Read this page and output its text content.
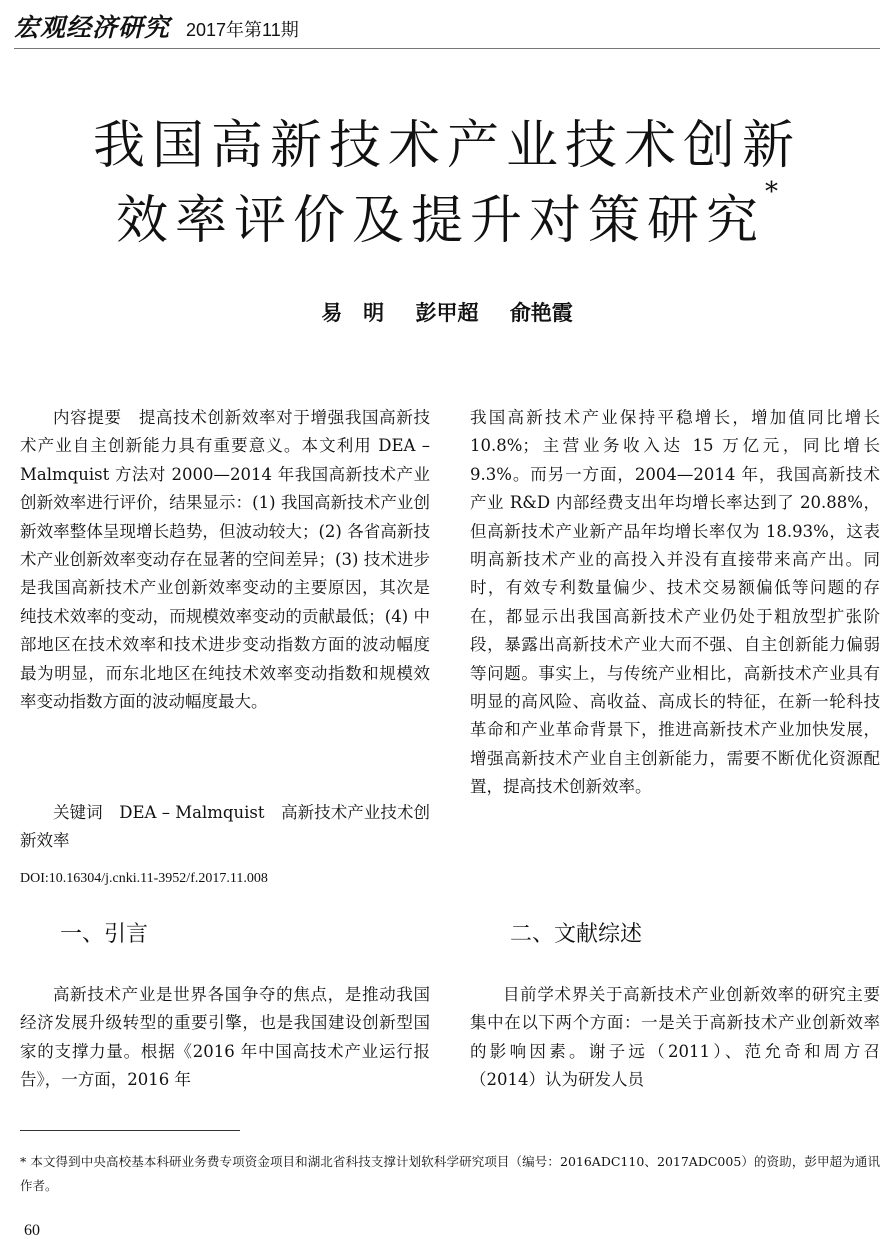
宏观经济研究 2017年第11期
我国高新技术产业技术创新
效率评价及提升对策研究*
易　明 彭甲超 俞艳霞

内容提要　提高技术创新效率对于增强我国高新技术产业自主创新能力具有重要意义。本文利用 DEA – Malmquist 方法对 2000—2014 年我国高新技术产业创新效率进行评价，结果显示：(1) 我国高新技术产业创新效率整体呈现增长趋势，但波动较大；(2) 各省高新技术产业创新效率变动存在显著的空间差异；(3) 技术进步是我国高新技术产业创新效率变动的主要原因，其次是纯技术效率的变动，而规模效率变动的贡献最低；(4) 中部地区在技术效率和技术进步变动指数方面的波动幅度最为明显，而东北地区在纯技术效率变动指数和规模效率变动指数方面的波动幅度最大。

关键词　DEA – Malmquist　高新技术产业技术创新效率

DOI:10.16304/j.cnki.11-3952/f.2017.11.008

我国高新技术产业保持平稳增长，增加值同比增长 10.8%；主营业务收入达 15 万亿元，同比增长 9.3%。而另一方面，2004—2014 年，我国高新技术产业 R&D 内部经费支出年均增长率达到了 20.88%，但高新技术产业新产品年均增长率仅为 18.93%，这表明高新技术产业的高投入并没有直接带来高产出。同时，有效专利数量偏少、技术交易额偏低等问题的存在，都显示出我国高新技术产业仍处于粗放型扩张阶段，暴露出高新技术产业大而不强、自主创新能力偏弱等问题。事实上，与传统产业相比，高新技术产业具有明显的高风险、高收益、高成长的特征，在新一轮科技革命和产业革命背景下，推进高新技术产业加快发展，增强高新技术产业自主创新能力，需要不断优化资源配置，提高技术创新效率。

一、引言	二、文献综述

高新技术产业是世界各国争夺的焦点，是推动我国经济发展升级转型的重要引擎，也是我国建设创新型国家的支撑力量。根据《2016 年中国高技术产业运行报告》，一方面，2016 年

目前学术界关于高新技术产业创新效率的研究主要集中在以下两个方面：一是关于高新技术产业创新效率的影响因素。谢子远（2011）、范允奇和周方召（2014）认为研发人员

* 本文得到中央高校基本科研业务费专项资金项目和湖北省科技支撑计划软科学研究项目（编号：2016ADC110、2017ADC005）的资助，彭甲超为通讯作者。
60
